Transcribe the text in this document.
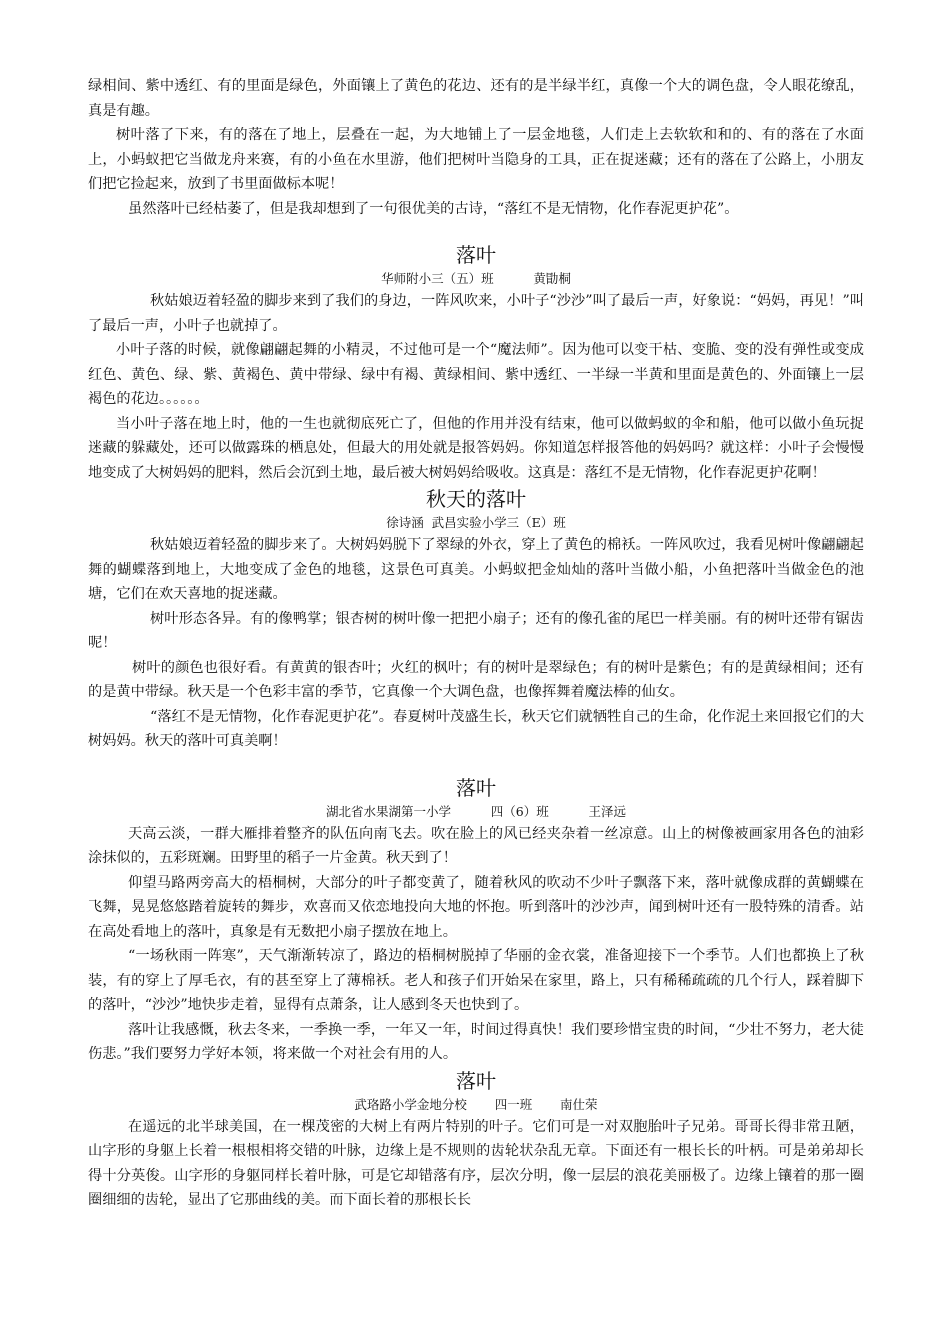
绿相间、紫中透红、有的里面是绿色，外面镶上了黄色的花边、还有的是半绿半红，真像一个大的调色盘，令人眼花缭乱，真是有趣。

树叶落了下来，有的落在了地上，层叠在一起，为大地铺上了一层金地毯，人们走上去软软和和的、有的落在了水面上，小蚂蚁把它当做龙舟来赛，有的小鱼在水里游，他们把树叶当隐身的工具，正在捉迷藏；还有的落在了公路上，小朋友们把它捡起来，放到了书里面做标本呢！

虽然落叶已经枯萎了，但是我却想到了一句很优美的古诗，“落红不是无情物，化作春泥更护花”。

落叶
华师附小三（五）班          黄勖桐

秋姑娘迈着轻盈的脚步来到了我们的身边，一阵风吹来，小叶子“沙沙”叫了最后一声，好象说：“妈妈，再见！”叫了最后一声，小叶子也就掉了。

小叶子落的时候，就像翩翩起舞的小精灵，不过他可是一个“魔法师”。因为他可以变干枯、变脆、变的没有弹性或变成红色、黄色、绿、紫、黄褐色、黄中带绿、绿中有褐、黄绿相间、紫中透红、一半绿一半黄和里面是黄色的、外面镶上一层褐色的花边。。。。。。

当小叶子落在地上时，他的一生也就彻底死亡了，但他的作用并没有结束，他可以做蚂蚁的伞和船，他可以做小鱼玩捉迷藏的躲藏处，还可以做露珠的栖息处，但最大的用处就是报答妈妈。你知道怎样报答他的妈妈吗？就这样：小叶子会慢慢地变成了大树妈妈的肥料，然后会沉到土地，最后被大树妈妈给吸收。这真是：落红不是无情物，化作春泥更护花啊！

秋天的落叶
徐诗涵  武昌实验小学三（E）班

秋姑娘迈着轻盈的脚步来了。大树妈妈脱下了翠绿的外衣，穿上了黄色的棉袄。一阵风吹过，我看见树叶像翩翩起舞的蝴蝶落到地上，大地变成了金色的地毯，这景色可真美。小蚂蚁把金灿灿的落叶当做小船，小鱼把落叶当做金色的池塘，它们在欢天喜地的捉迷藏。

树叶形态各异。有的像鸭掌；银杏树的树叶像一把把小扇子；还有的像孔雀的尾巴一样美丽。有的树叶还带有锯齿呢！

树叶的颜色也很好看。有黄黄的银杏叶；火红的枫叶；有的树叶是翠绿色；有的树叶是紫色；有的是黄绿相间；还有的是黄中带绿。秋天是一个色彩丰富的季节，它真像一个大调色盘，也像挥舞着魔法棒的仙女。

“落红不是无情物，化作春泥更护花”。春夏树叶茂盛生长，秋天它们就牺牲自己的生命，化作泥土来回报它们的大树妈妈。秋天的落叶可真美啊！

落叶
湖北省水果湖第一小学          四（6）班          王泽远

天高云淡，一群大雁排着整齐的队伍向南飞去。吹在脸上的风已经夹杂着一丝凉意。山上的树像被画家用各色的油彩涂抹似的，五彩斑斓。田野里的稻子一片金黄。秋天到了！

仰望马路两旁高大的梧桐树，大部分的叶子都变黄了，随着秋风的吹动不少叶子飘落下来，落叶就像成群的黄蝴蝶在飞舞，晃晃悠悠踏着旋转的舞步，欢喜而又依恋地投向大地的怀抱。听到落叶的沙沙声，闻到树叶还有一股特殊的清香。站在高处看地上的落叶，真象是有无数把小扇子摆放在地上。

“一场秋雨一阵寒”，天气渐渐转凉了，路边的梧桐树脱掉了华丽的金衣裳，准备迎接下一个季节。人们也都换上了秋装，有的穿上了厚毛衣，有的甚至穿上了薄棉袄。老人和孩子们开始呆在家里，路上，只有稀稀疏疏的几个行人，踩着脚下的落叶，“沙沙”地快步走着，显得有点萧条，让人感到冬天也快到了。

落叶让我感慨，秋去冬来，一季换一季，一年又一年，时间过得真快！我们要珍惜宝贵的时间，“少壮不努力，老大徒伤悲。”我们要努力学好本领，将来做一个对社会有用的人。

落叶
武珞路小学金地分校       四一班       南仕荣

在遥远的北半球美国，在一棵茂密的大树上有两片特别的叶子。它们可是一对双胞胎叶子兄弟。哥哥长得非常丑陋，山字形的身躯上长着一根根相将交错的叶脉，边缘上是不规则的齿轮状杂乱无章。下面还有一根长长的叶柄。可是弟弟却长得十分英俊。山字形的身躯同样长着叶脉，可是它却错落有序，层次分明，像一层层的浪花美丽极了。边缘上镶着的那一圈圈细细的齿轮，显出了它那曲线的美。而下面长着的那根长长
